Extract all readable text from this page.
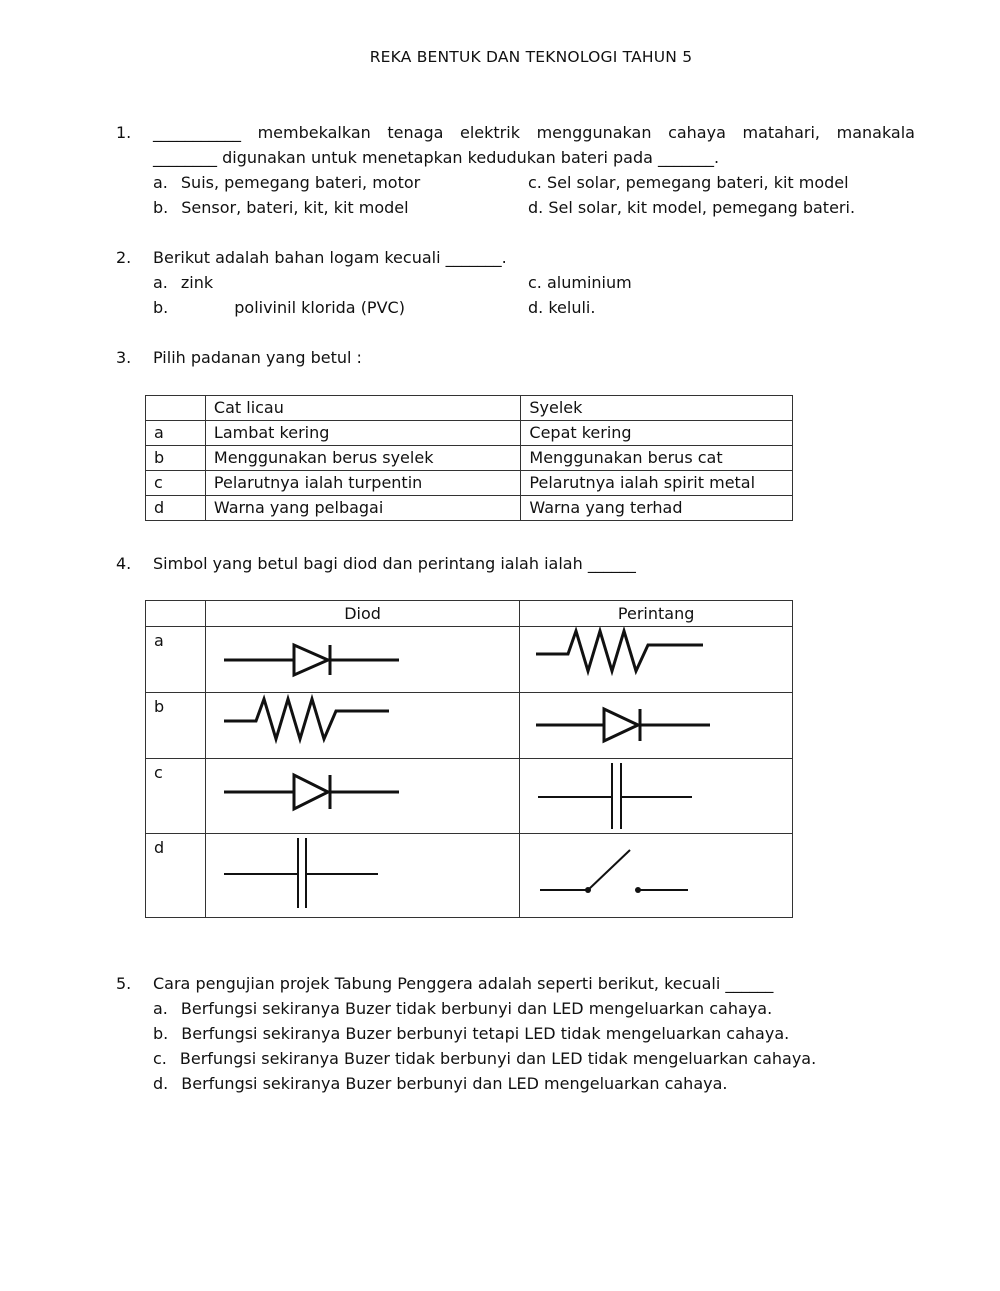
REKA BENTUK DAN TEKNOLOGI TAHUN 5
1. ___________ membekalkan tenaga elektrik menggunakan cahaya matahari, manakala
________ digunakan untuk menetapkan kedudukan bateri pada _______.
a. Suis, pemegang bateri, motor
b. Sensor, bateri, kit, kit model
c. Sel solar, pemegang bateri, kit model
d. Sel solar, kit model, pemegang bateri.
2. Berikut adalah bahan logam kecuali _______.
a. zink
b.	polivinil klorida (PVC)
c. aluminium
d. keluli.
3. Pilih padanan yang betul :
	Cat licau	Syelek
a	Lambat kering	Cepat kering
b	Menggunakan berus syelek	Menggunakan berus cat
c	Pelarutnya ialah turpentin	Pelarutnya ialah spirit metal
d	Warna yang pelbagai	Warna yang terhad
4. Simbol yang betul bagi diod dan perintang ialah ialah ______
	Diod	Perintang
a	

b	

c	

d	

5. Cara pengujian projek Tabung Penggera adalah seperti berikut, kecuali ______
a. Berfungsi sekiranya Buzer tidak berbunyi dan LED mengeluarkan cahaya.
b. Berfungsi sekiranya Buzer berbunyi tetapi LED tidak mengeluarkan cahaya.
c. Berfungsi sekiranya Buzer tidak berbunyi dan LED tidak mengeluarkan cahaya.
d. Berfungsi sekiranya Buzer berbunyi dan LED mengeluarkan cahaya.
